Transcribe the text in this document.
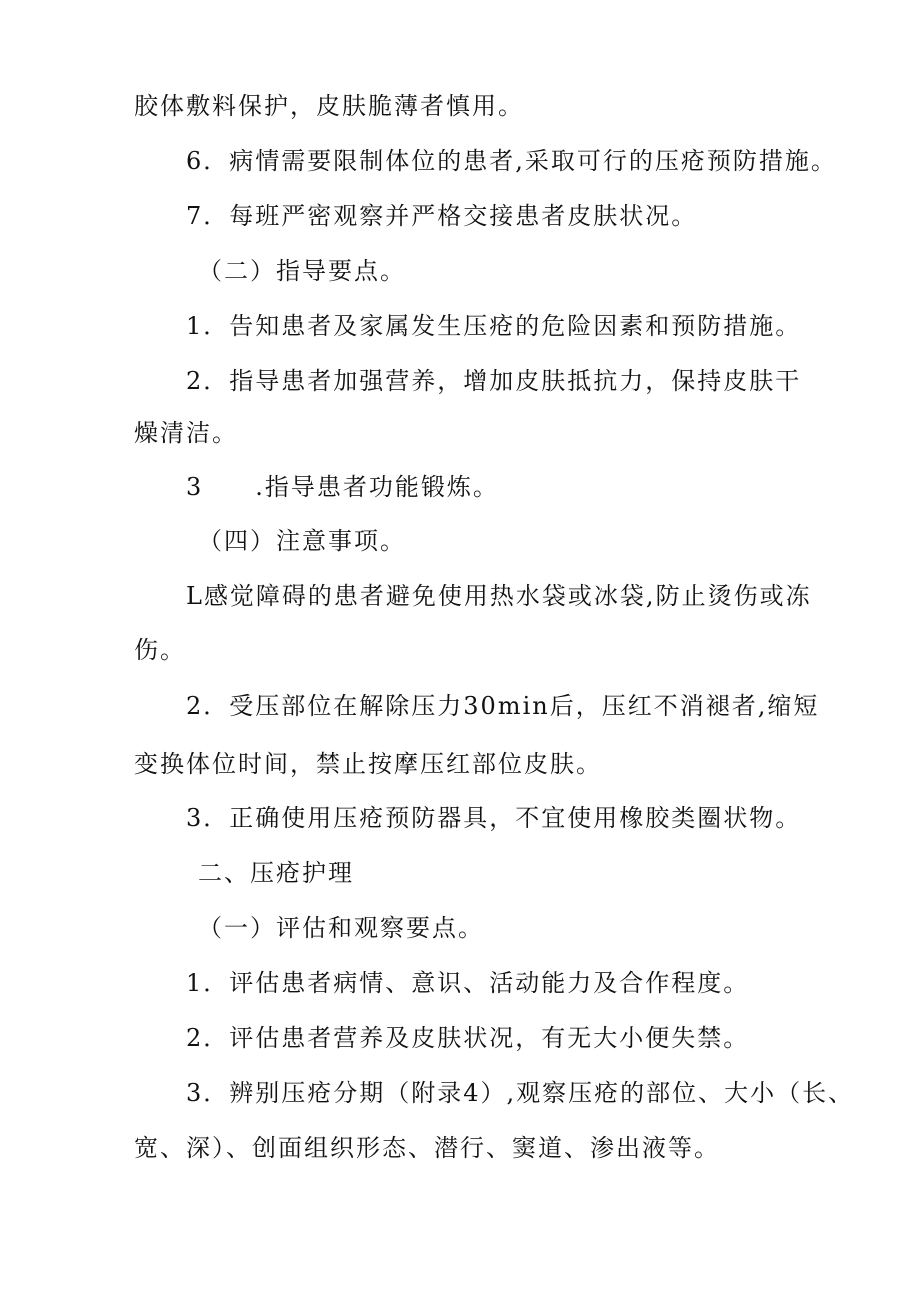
胶体敷料保护，皮肤脆薄者慎用。
6．病情需要限制体位的患者,采取可行的压疮预防措施。
7．每班严密观察并严格交接患者皮肤状况。
（二）指导要点。
1．告知患者及家属发生压疮的危险因素和预防措施。
2．指导患者加强营养，增加皮肤抵抗力，保持皮肤干
燥清洁。
3　　.指导患者功能锻炼。
（四）注意事项。
L感觉障碍的患者避免使用热水袋或冰袋,防止烫伤或冻
伤。
2．受压部位在解除压力30min后，压红不消褪者,缩短
变换体位时间，禁止按摩压红部位皮肤。
3．正确使用压疮预防器具，不宜使用橡胶类圈状物。
二、压疮护理
（一）评估和观察要点。
1．评估患者病情、意识、活动能力及合作程度。
2．评估患者营养及皮肤状况，有无大小便失禁。
3．辨别压疮分期（附录4）,观察压疮的部位、大小（长、
宽、深）、创面组织形态、潜行、窦道、渗出液等。
